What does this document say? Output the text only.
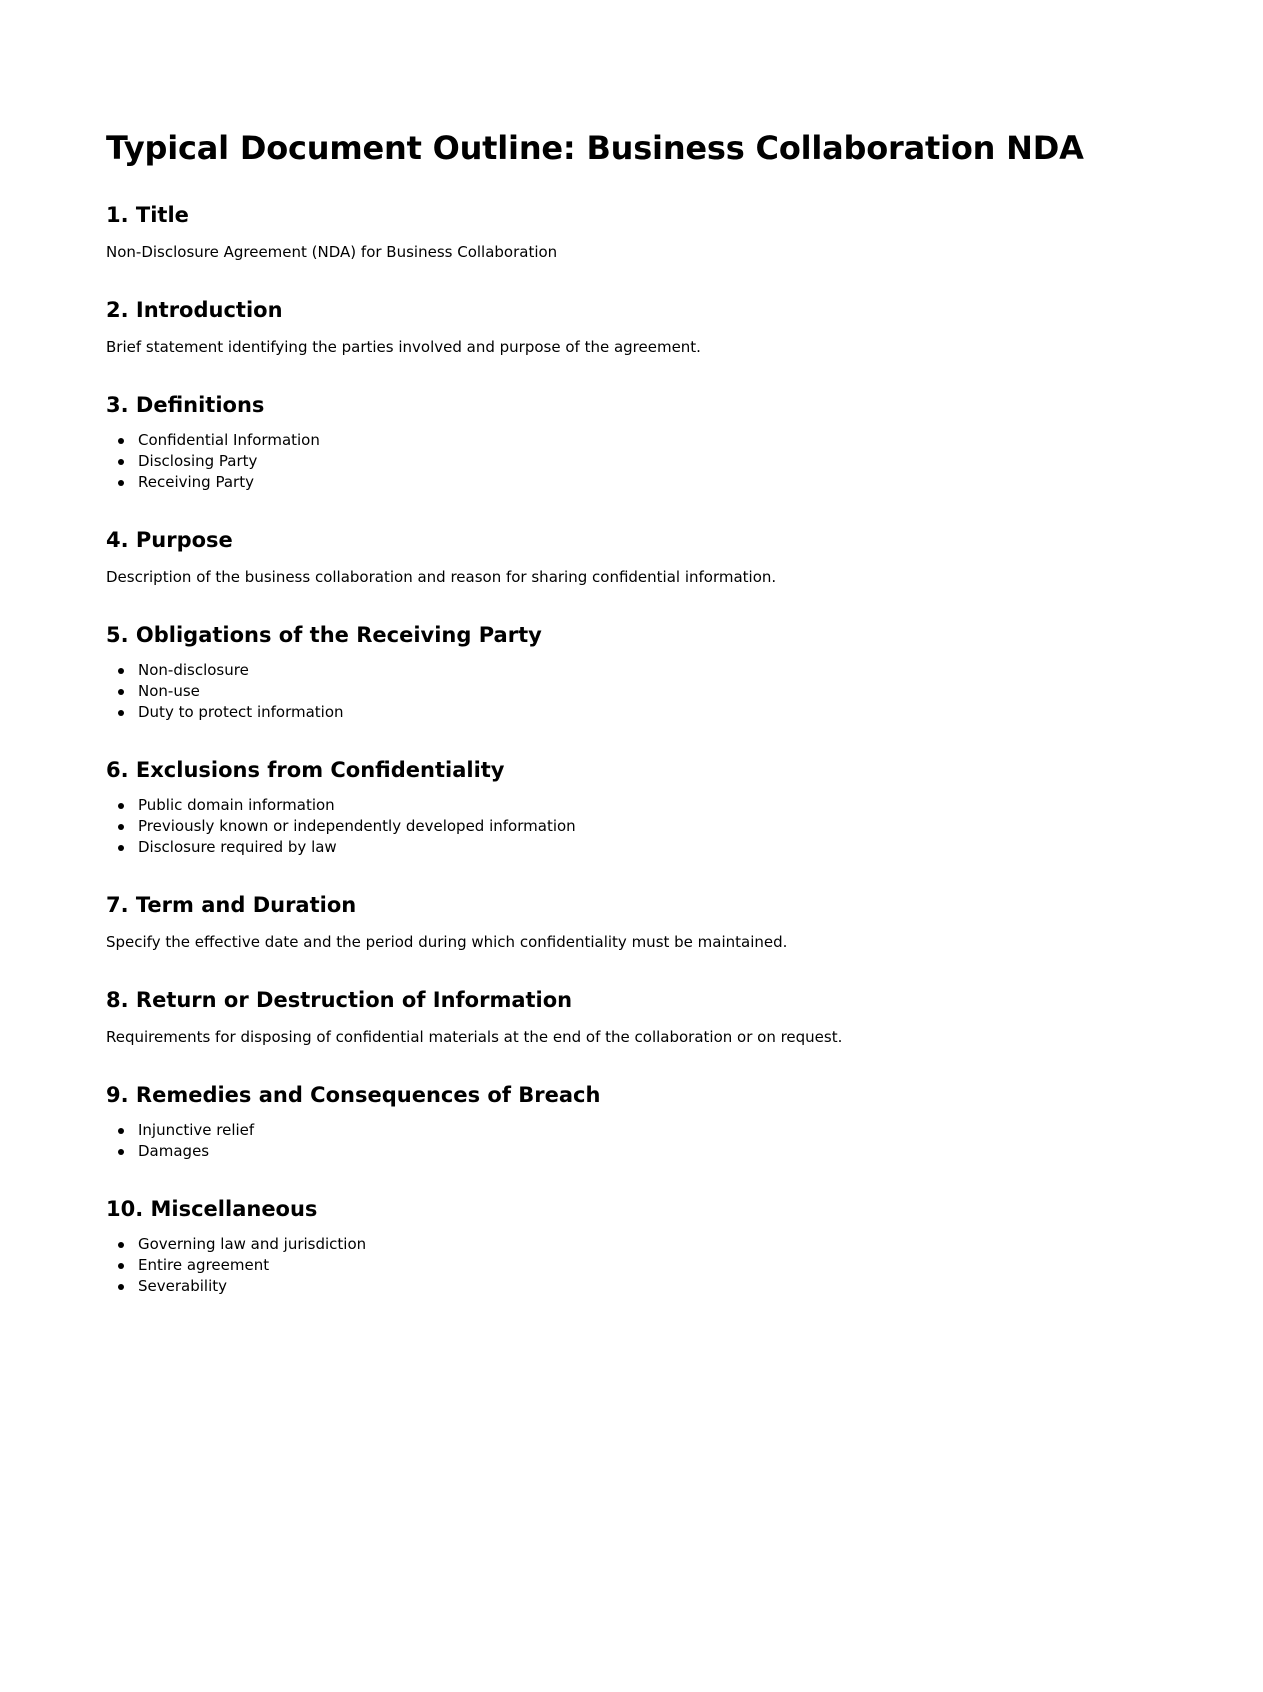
Typical Document Outline: Business Collaboration NDA
1. Title

Non-Disclosure Agreement (NDA) for Business Collaboration

2. Introduction

Brief statement identifying the parties involved and purpose of the agreement.

3. Definitions
Confidential Information
Disclosing Party
Receiving Party
4. Purpose

Description of the business collaboration and reason for sharing confidential information.

5. Obligations of the Receiving Party
Non-disclosure
Non-use
Duty to protect information
6. Exclusions from Confidentiality
Public domain information
Previously known or independently developed information
Disclosure required by law
7. Term and Duration

Specify the effective date and the period during which confidentiality must be maintained.

8. Return or Destruction of Information

Requirements for disposing of confidential materials at the end of the collaboration or on request.

9. Remedies and Consequences of Breach
Injunctive relief
Damages
10. Miscellaneous
Governing law and jurisdiction
Entire agreement
Severability
